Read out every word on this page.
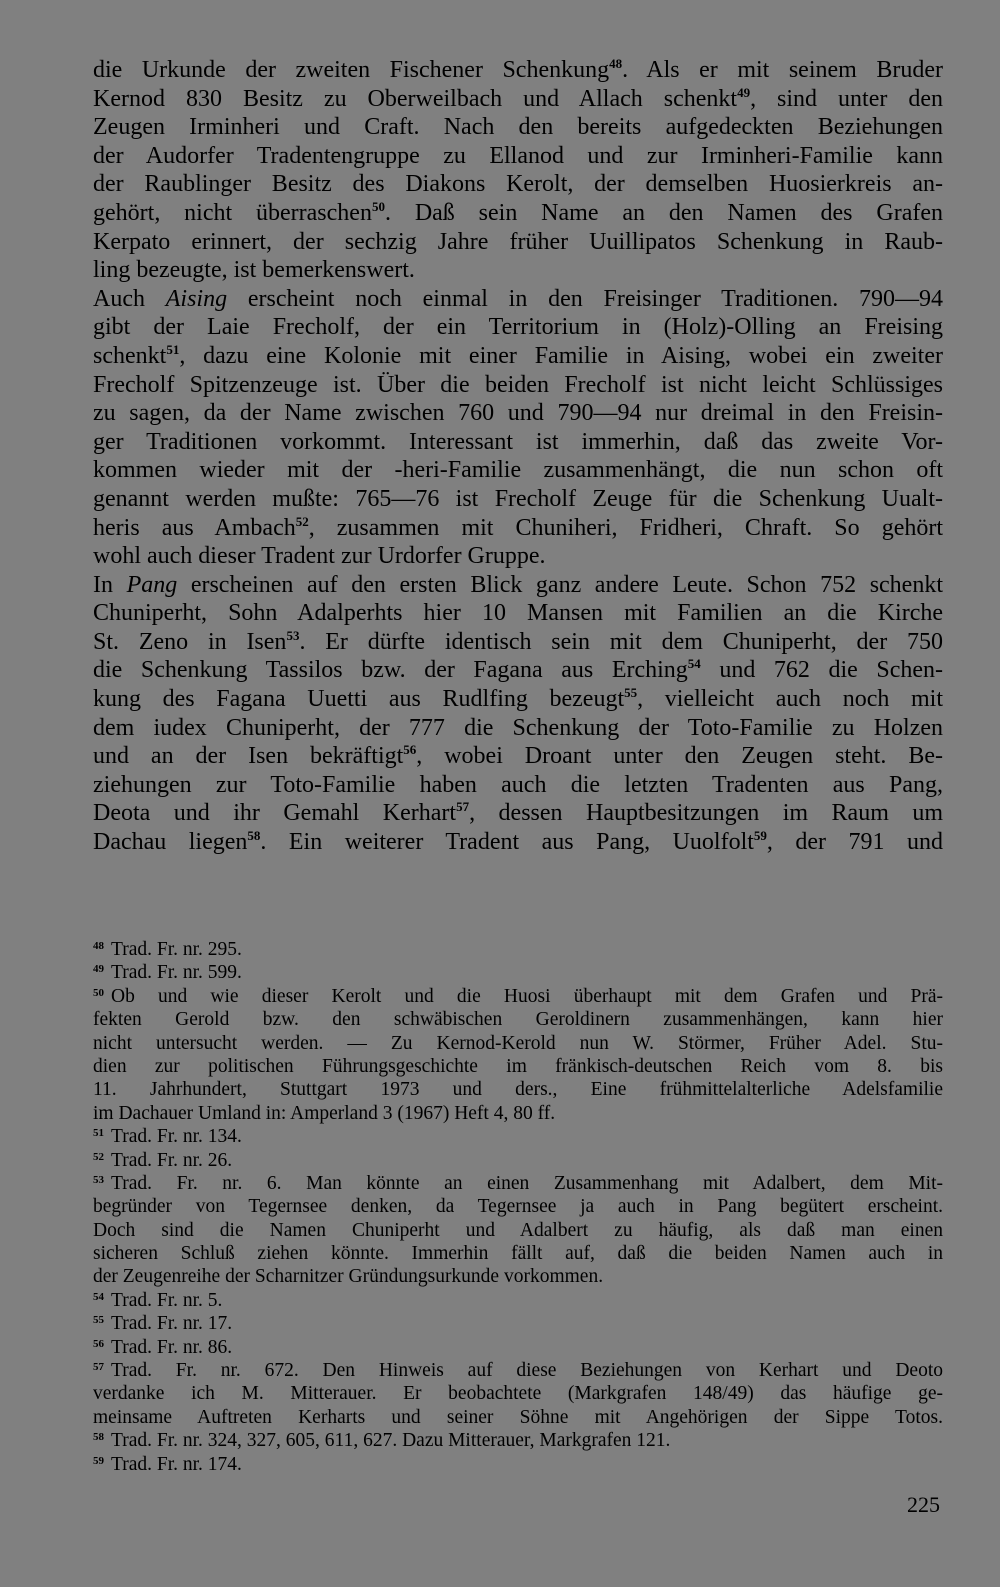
die Urkunde der zweiten Fischener Schenkung$^{48}$. Als er mit seinem Bruder
Kernod 830 Besitz zu Oberweilbach und Allach schenkt$^{49}$, sind unter den
Zeugen Irminheri und Craft. Nach den bereits aufgedeckten Beziehungen
der Audorfer Tradentengruppe zu Ellanod und zur Irminheri-Familie kann
der Raublinger Besitz des Diakons Kerolt, der demselben Huosierkreis an-
gehört, nicht überraschen$^{50}$. Daß sein Name an den Namen des Grafen
Kerpato erinnert, der sechzig Jahre früher Uuillipatos Schenkung in Raub-
ling bezeugte, ist bemerkenswert.
Auch Aising erscheint noch einmal in den Freisinger Traditionen. 790—94
gibt der Laie Frecholf, der ein Territorium in (Holz)-Olling an Freising
schenkt$^{51}$, dazu eine Kolonie mit einer Familie in Aising, wobei ein zweiter
Frecholf Spitzenzeuge ist. Über die beiden Frecholf ist nicht leicht Schlüssiges
zu sagen, da der Name zwischen 760 und 790—94 nur dreimal in den Freisin-
ger Traditionen vorkommt. Interessant ist immerhin, daß das zweite Vor-
kommen wieder mit der -heri-Familie zusammenhängt, die nun schon oft
genannt werden mußte: 765—76 ist Frecholf Zeuge für die Schenkung Uualt-
heris aus Ambach$^{52}$, zusammen mit Chuniheri, Fridheri, Chraft. So gehört
wohl auch dieser Tradent zur Urdorfer Gruppe.
In Pang erscheinen auf den ersten Blick ganz andere Leute. Schon 752 schenkt
Chuniperht, Sohn Adalperhts hier 10 Mansen mit Familien an die Kirche
St. Zeno in Isen$^{53}$. Er dürfte identisch sein mit dem Chuniperht, der 750
die Schenkung Tassilos bzw. der Fagana aus Erching$^{54}$ und 762 die Schen-
kung des Fagana Uuetti aus Rudlfing bezeugt$^{55}$, vielleicht auch noch mit
dem iudex Chuniperht, der 777 die Schenkung der Toto-Familie zu Holzen
und an der Isen bekräftigt$^{56}$, wobei Droant unter den Zeugen steht. Be-
ziehungen zur Toto-Familie haben auch die letzten Tradenten aus Pang,
Deota und ihr Gemahl Kerhart$^{57}$, dessen Hauptbesitzungen im Raum um
Dachau liegen$^{58}$. Ein weiterer Tradent aus Pang, Uuolfolt$^{59}$, der 791 und
$^{48}$ Trad. Fr. nr. 295.
$^{49}$ Trad. Fr. nr. 599.
$^{50}$ Ob und wie dieser Kerolt und die Huosi überhaupt mit dem Grafen und Prä-
fekten Gerold bzw. den schwäbischen Geroldinern zusammenhängen, kann hier
nicht untersucht werden. — Zu Kernod-Kerold nun W. Störmer, Früher Adel. Stu-
dien zur politischen Führungsgeschichte im fränkisch-deutschen Reich vom 8. bis
11. Jahrhundert, Stuttgart 1973 und ders., Eine frühmittelalterliche Adelsfamilie
im Dachauer Umland in: Amperland 3 (1967) Heft 4, 80 ff.
$^{51}$ Trad. Fr. nr. 134.
$^{52}$ Trad. Fr. nr. 26.
$^{53}$ Trad. Fr. nr. 6. Man könnte an einen Zusammenhang mit Adalbert, dem Mit-
begründer von Tegernsee denken, da Tegernsee ja auch in Pang begütert erscheint.
Doch sind die Namen Chuniperht und Adalbert zu häufig, als daß man einen
sicheren Schluß ziehen könnte. Immerhin fällt auf, daß die beiden Namen auch in
der Zeugenreihe der Scharnitzer Gründungsurkunde vorkommen.
$^{54}$ Trad. Fr. nr. 5.
$^{55}$ Trad. Fr. nr. 17.
$^{56}$ Trad. Fr. nr. 86.
$^{57}$ Trad. Fr. nr. 672. Den Hinweis auf diese Beziehungen von Kerhart und Deoto
verdanke ich M. Mitterauer. Er beobachtete (Markgrafen 148/49) das häufige ge-
meinsame Auftreten Kerharts und seiner Söhne mit Angehörigen der Sippe Totos.
$^{58}$ Trad. Fr. nr. 324, 327, 605, 611, 627. Dazu Mitterauer, Markgrafen 121.
$^{59}$ Trad. Fr. nr. 174.
225
